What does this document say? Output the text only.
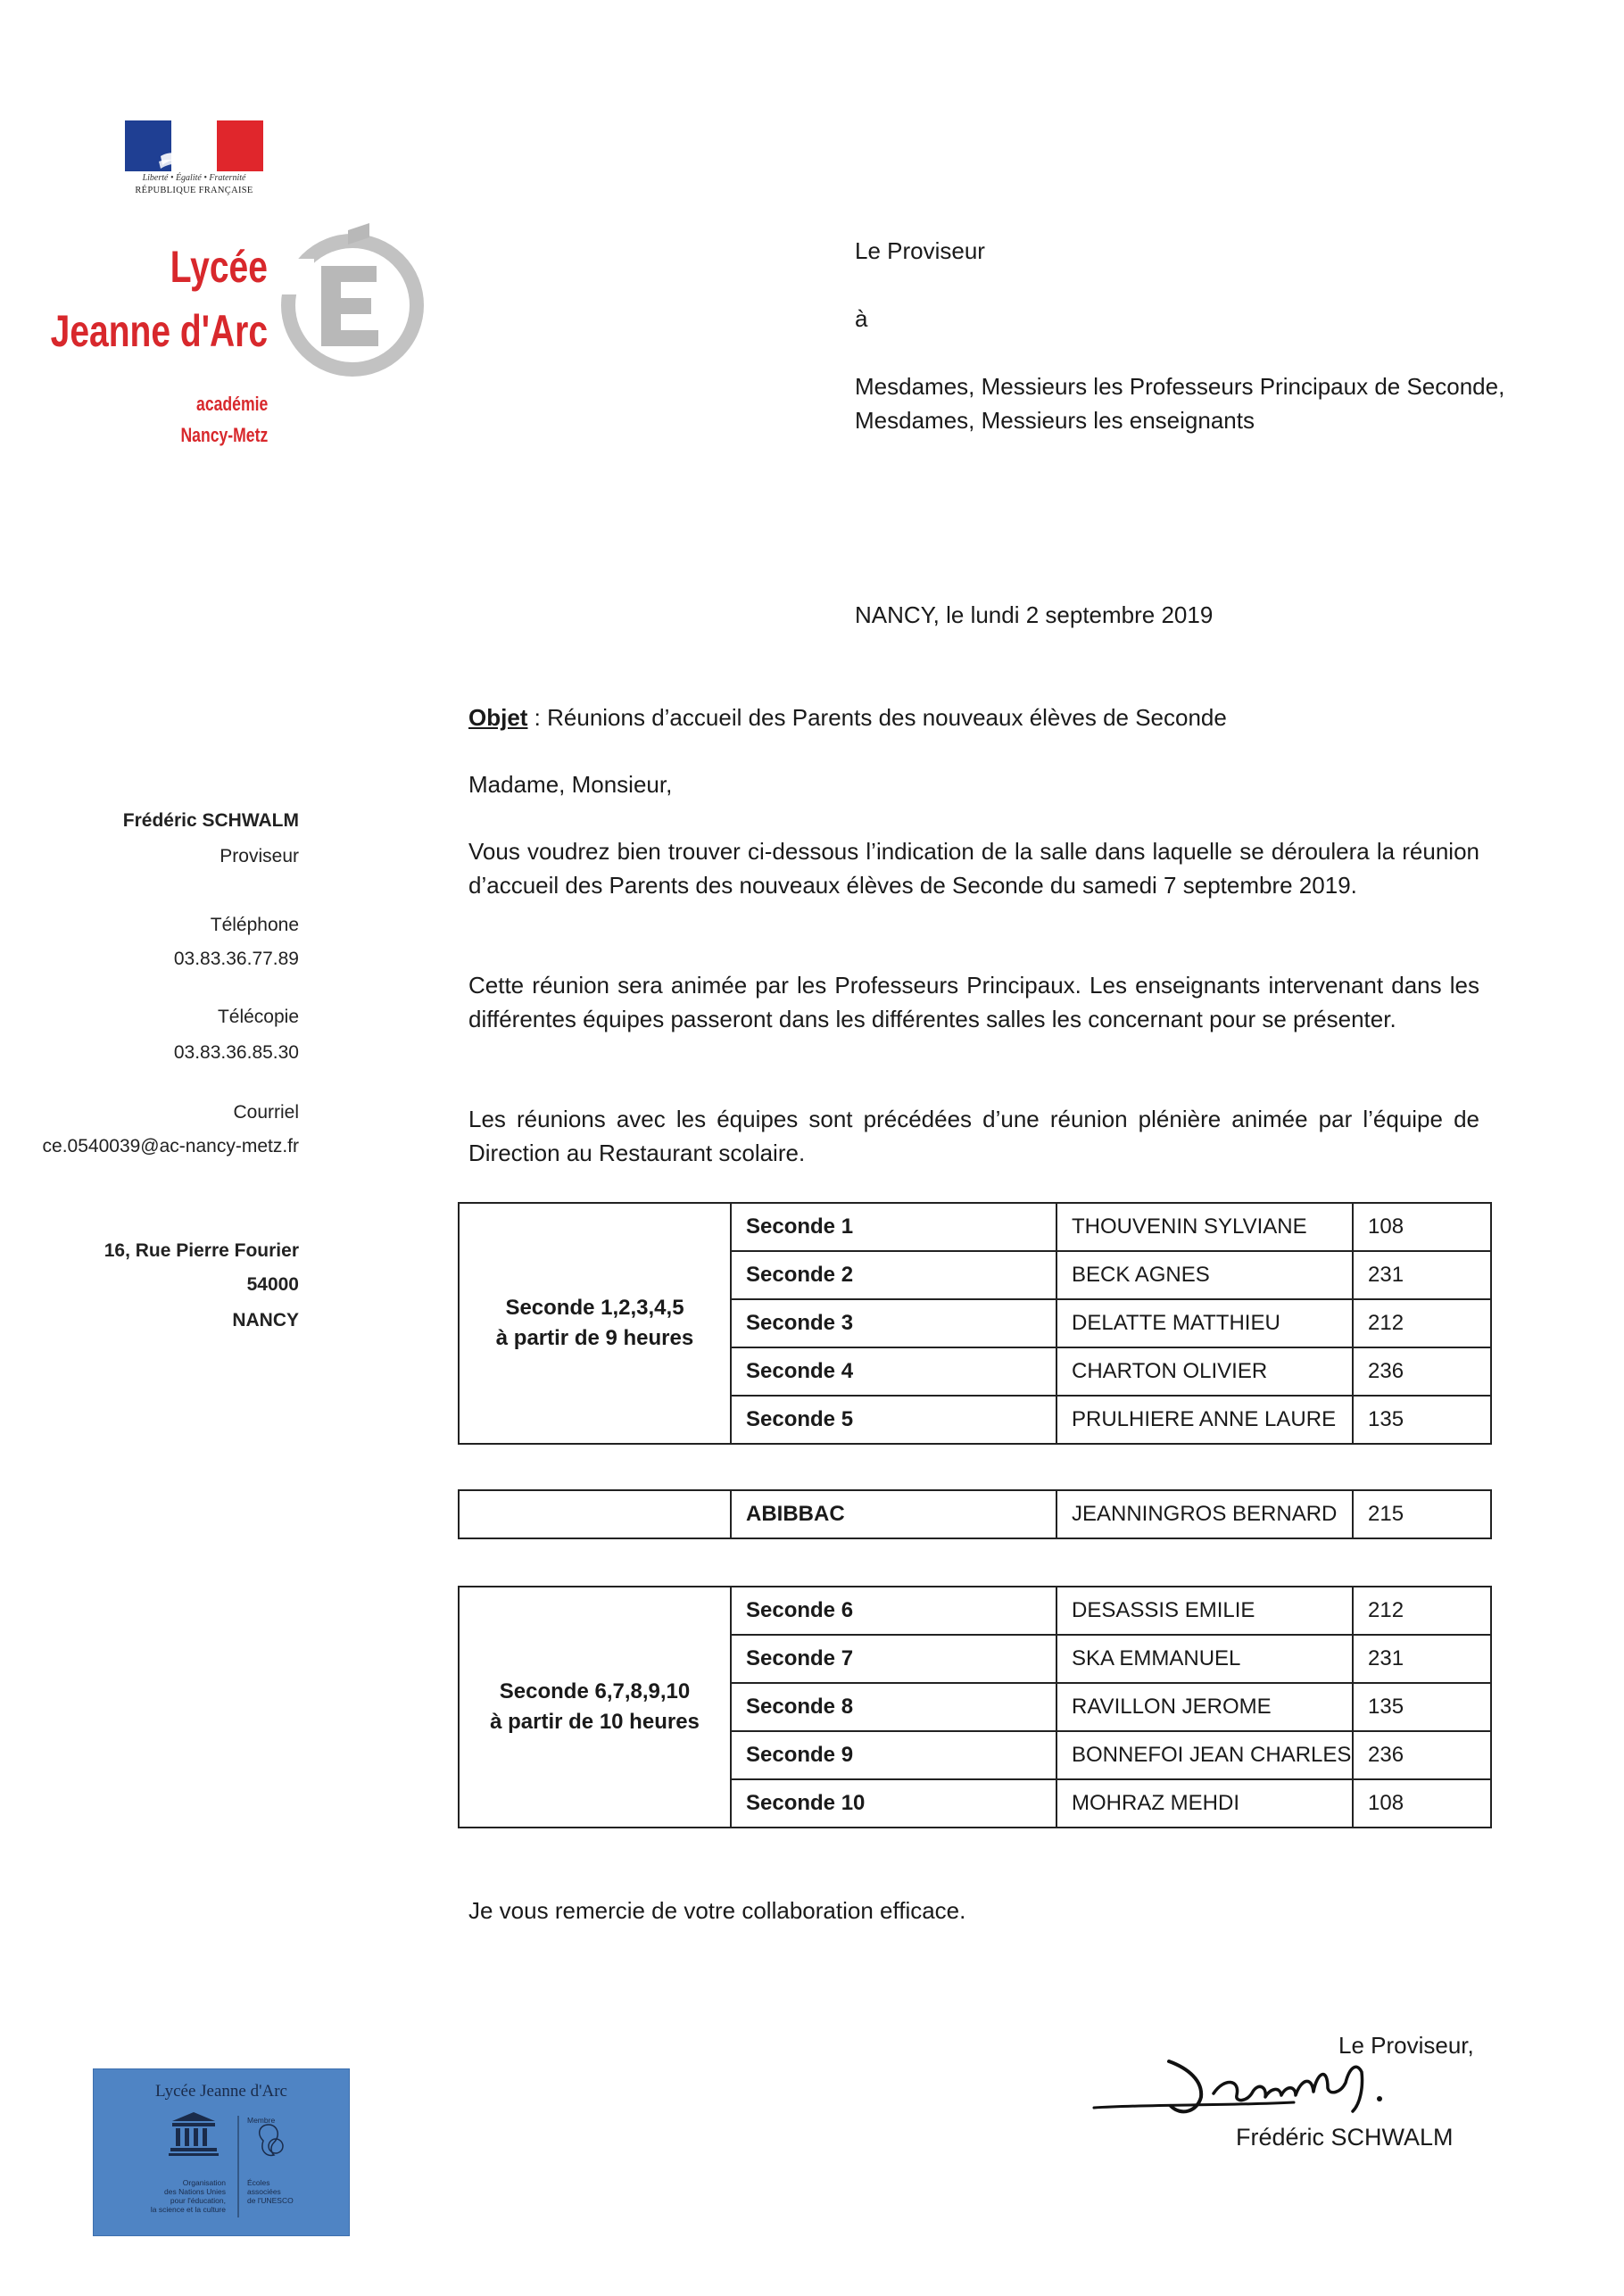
Liberté • Égalité • Fraternité
RÉPUBLIQUE FRANÇAISE
Lycée
Jeanne d'Arc
académie
Nancy-Metz
Le Proviseur
à
Mesdames, Messieurs les Professeurs Principaux de Seconde,
Mesdames, Messieurs les enseignants
NANCY, le lundi 2 septembre 2019
Frédéric SCHWALM
Proviseur
Téléphone
03.83.36.77.89
Télécopie
03.83.36.85.30
Courriel
ce.0540039@ac-nancy-metz.fr
16, Rue Pierre Fourier
54000
NANCY
Objet : Réunions d’accueil des Parents des nouveaux élèves de Seconde
Madame, Monsieur,
Vous voudrez bien trouver ci-dessous l’indication de la salle dans laquelle se déroulera la réunion d’accueil des Parents des nouveaux élèves de Seconde du samedi 7 septembre 2019.
Cette réunion sera animée par les Professeurs Principaux. Les enseignants intervenant dans les différentes équipes passeront dans les différentes salles les concernant pour se présenter.
Les réunions avec les équipes sont précédées d’une réunion plénière animée par l’équipe de Direction au Restaurant scolaire.
Seconde 1,2,3,4,5
à partir de 9 heures	Seconde 1	THOUVENIN SYLVIANE	108
	Seconde 2	BECK AGNES	231
	Seconde 3	DELATTE MATTHIEU	212
	Seconde 4	CHARTON OLIVIER	236
	Seconde 5	PRULHIERE ANNE LAURE	135
	ABIBBAC	JEANNINGROS BERNARD	215
Seconde 6,7,8,9,10
à partir de 10 heures	Seconde 6	DESASSIS EMILIE	212
	Seconde 7	SKA EMMANUEL	231
	Seconde 8	RAVILLON JEROME	135
	Seconde 9	BONNEFOI JEAN CHARLES	236
	Seconde 10	MOHRAZ MEHDI	108
Je vous remercie de votre collaboration efficace.
Le Proviseur,
Frédéric SCHWALM
Lycée Jeanne d'Arc
Membre
Organisation
des Nations Unies
pour l'éducation,
la science et la culture
Écoles
associées
de l'UNESCO
